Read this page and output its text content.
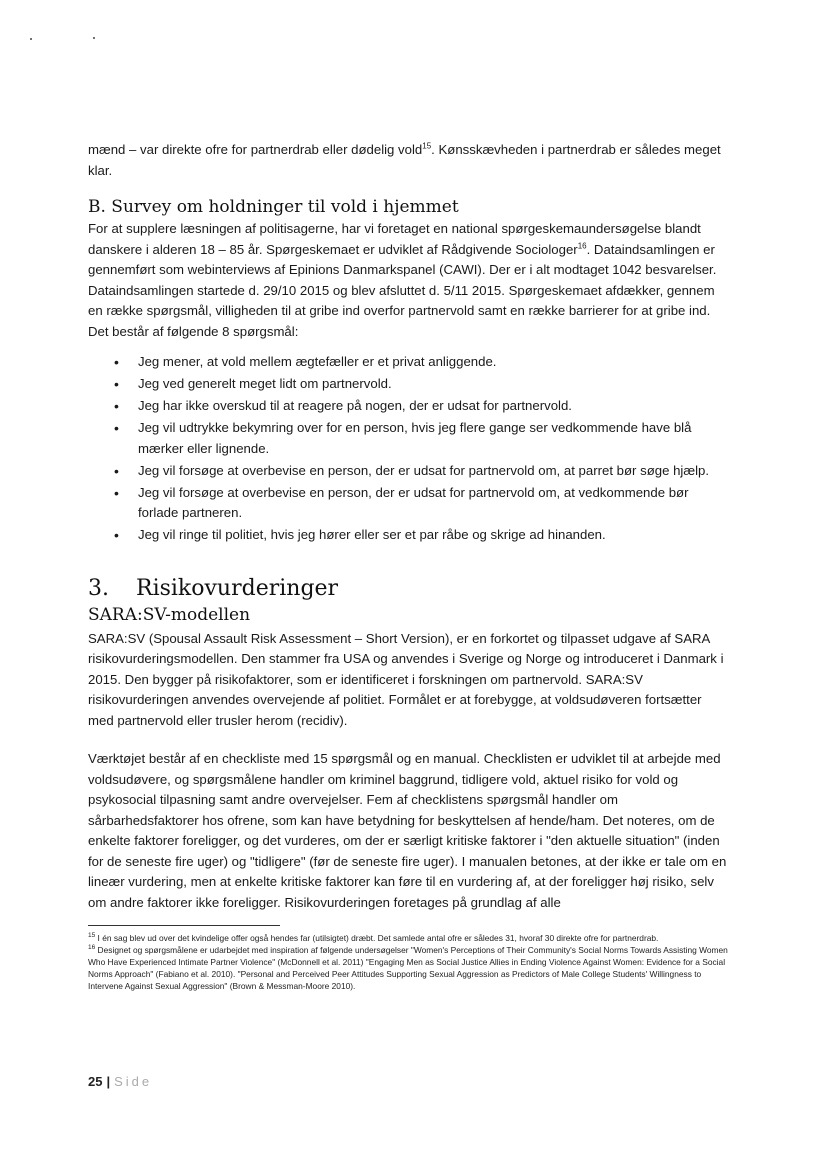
mænd – var direkte ofre for partnerdrab eller dødelig vold$^{15}$. Kønsskævheden i partnerdrab er således meget klar.

B. Survey om holdninger til vold i hjemmet

For at supplere læsningen af politisagerne, har vi foretaget en national spørgeskemaundersøgelse blandt danskere i alderen 18 – 85 år. Spørgeskemaet er udviklet af Rådgivende Sociologer$^{16}$. Dataindsamlingen er gennemført som webinterviews af Epinions Danmarkspanel (CAWI). Der er i alt modtaget 1042 besvarelser. Dataindsamlingen startede d. 29/10 2015 og blev afsluttet d. 5/11 2015. Spørgeskemaet afdækker, gennem en række spørgsmål, villigheden til at gribe ind overfor partnervold samt en række barrierer for at gribe ind. Det består af følgende 8 spørgsmål:

• Jeg mener, at vold mellem ægtefæller er et privat anliggende.
• Jeg ved generelt meget lidt om partnervold.
• Jeg har ikke overskud til at reagere på nogen, der er udsat for partnervold.
• Jeg vil udtrykke bekymring over for en person, hvis jeg flere gange ser vedkommende have blå mærker eller lignende.
• Jeg vil forsøge at overbevise en person, der er udsat for partnervold om, at parret bør søge hjælp.
• Jeg vil forsøge at overbevise en person, der er udsat for partnervold om, at vedkommende bør forlade partneren.
• Jeg vil ringe til politiet, hvis jeg hører eller ser et par råbe og skrige ad hinanden.
3. Risikovurderinger
SARA:SV-modellen

SARA:SV (Spousal Assault Risk Assessment – Short Version), er en forkortet og tilpasset udgave af SARA risikovurderingsmodellen. Den stammer fra USA og anvendes i Sverige og Norge og introduceret i Danmark i 2015. Den bygger på risikofaktorer, som er identificeret i forskningen om partnervold. SARA:SV risikovurderingen anvendes overvejende af politiet. Formålet er at forebygge, at voldsudøveren fortsætter med partnervold eller trusler herom (recidiv).

Værktøjet består af en checkliste med 15 spørgsmål og en manual. Checklisten er udviklet til at arbejde med voldsudøvere, og spørgsmålene handler om kriminel baggrund, tidligere vold, aktuel risiko for vold og psykosocial tilpasning samt andre overvejelser. Fem af checklistens spørgsmål handler om sårbarhedsfaktorer hos ofrene, som kan have betydning for beskyttelsen af hende/ham. Det noteres, om de enkelte faktorer foreligger, og det vurderes, om der er særligt kritiske faktorer i "den aktuelle situation" (inden for de seneste fire uger) og "tidligere" (før de seneste fire uger). I manualen betones, at der ikke er tale om en lineær vurdering, men at enkelte kritiske faktorer kan føre til en vurdering af, at der foreligger høj risiko, selv om andre faktorer ikke foreligger. Risikovurderingen foretages på grundlag af alle

$^{15}$ I én sag blev ud over det kvindelige offer også hendes far (utilsigtet) dræbt. Det samlede antal ofre er således 31, hvoraf 30 direkte ofre for partnerdrab.

$^{16}$ Designet og spørgsmålene er udarbejdet med inspiration af følgende undersøgelser "Women's Perceptions of Their Community's Social Norms Towards Assisting Women Who Have Experienced Intimate Partner Violence" (McDonnell et al. 2011) "Engaging Men as Social Justice Allies in Ending Violence Against Women: Evidence for a Social Norms Approach" (Fabiano et al. 2010). "Personal and Perceived Peer Attitudes Supporting Sexual Aggression as Predictors of Male College Students' Willingness to Intervene Against Sexual Aggression" (Brown & Messman-Moore 2010).

25 | Side
